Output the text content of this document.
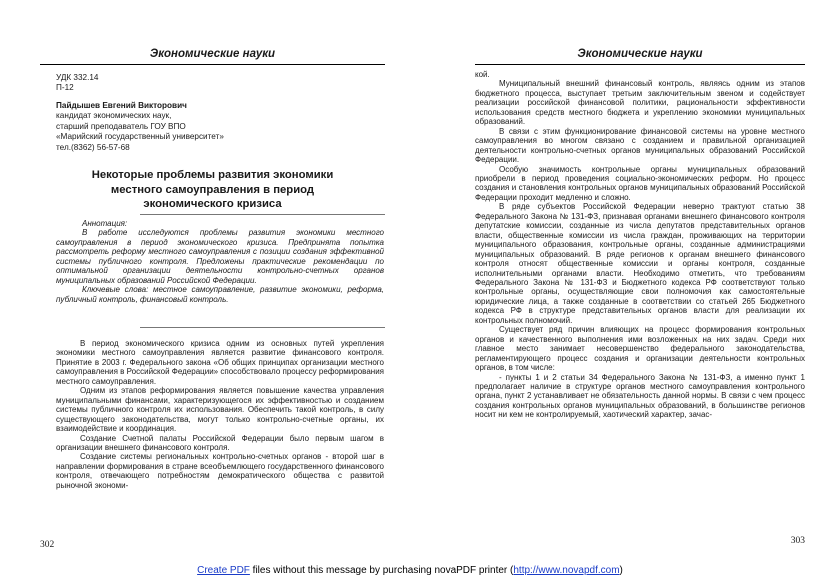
Экономические науки
УДК 332.14
П-12
Пайдышев Евгений Викторович
кандидат экономических наук,
старший преподаватель ГОУ ВПО
«Марийский государственный университет»
тел.(8362) 56-57-68
Некоторые проблемы развития экономики
местного самоуправления в период
экономического кризиса

Аннотация:

В работе исследуются проблемы развития экономики местного самоуправления в период экономического кризиса. Предпринята попытка рассмотреть реформу местного самоуправления с позиции создания эффективной системы публичного контроля. Предложены практические рекомендации по оптимальной организации деятельности контрольно-счетных органов муниципальных образований Российской Федерации.

Ключевые слова: местное самоуправление, развитие экономики, реформа, публичный контроль, финансовый контроль.

В период экономического кризиса одним из основных путей укрепления экономики местного самоуправления является развитие финансового контроля. Принятие в 2003 г. Федерального закона «Об общих принципах организации местного самоуправления в Российской Федерации» способствовало процессу реформирования местного самоуправления.

Одним из этапов реформирования является повышение качества управления муниципальными финансами, характеризующегося их эффективностью и созданием системы публичного контроля их использования. Обеспечить такой контроль, в силу существующего законодательства, могут только контрольно-счетные органы, их взаимодействие и координация.

Создание Счетной палаты Российской Федерации было первым шагом в организации внешнего финансового контроля.

Создание системы региональных контрольно-счетных органов - второй шаг в направлении формирования в стране всеобъемлющего государственного финансового контроля, отвечающего потребностям демократического общества с развитой рыночной экономи-

302
Экономические науки

кой.

Муниципальный внешний финансовый контроль, являясь одним из этапов бюджетного процесса, выступает третьим заключительным звеном и содействует реализации российской финансовой политики, рациональности эффективности использования средств местного бюджета и укреплению экономики муниципальных образований.

В связи с этим функционирование финансовой системы на уровне местного самоуправления во многом связано с созданием и правильной организацией деятельности контрольно-счетных органов муниципальных образований Российской Федерации.

Особую значимость контрольные органы муниципальных образований приобрели в период проведения социально-экономических реформ. Но процесс создания и становления контрольных органов муниципальных образований Российской Федерации проходит медленно и сложно.

В ряде субъектов Российской Федерации неверно трактуют статью 38 Федерального Закона № 131-ФЗ, признавая органами внешнего финансового контроля депутатские комиссии, созданные из числа депутатов представительных органов власти, общественные комиссии из числа граждан, проживающих на территории муниципального образования, контрольные органы, созданные администрациями муниципальных образований. В ряде регионов к органам внешнего финансового контроля относят общественные комиссии и органы контроля, созданные исполнительными органами власти. Необходимо отметить, что требованиям Федерального Закона № 131-ФЗ и Бюджетного кодекса РФ соответствуют только контрольные органы, осуществляющие свои полномочия как самостоятельные юридические лица, а также созданные в соответствии со статьей 265 Бюджетного кодекса РФ в структуре представительных органов власти для реализации их контрольных полномочий.

Существует ряд причин влияющих на процесс формирования контрольных органов и качественного выполнения ими возложенных на них задач. Среди них главное место занимает несовершенство федерального законодательства, регламентирующего процесс создания и организации деятельности контрольных органов, в том числе:

- пункты 1 и 2 статьи 34 Федерального Закона № 131-ФЗ, а именно пункт 1 предполагает наличие в структуре органов местного самоуправления контрольного органа, пункт 2 устанавливает не обязательность данной нормы. В связи с чем процесс создания контрольных органов муниципальных образований, в большинстве регионов носит ни кем не контролируемый, хаотический характер, зачас-

303
Create PDF files without this message by purchasing novaPDF printer (http://www.novapdf.com)
